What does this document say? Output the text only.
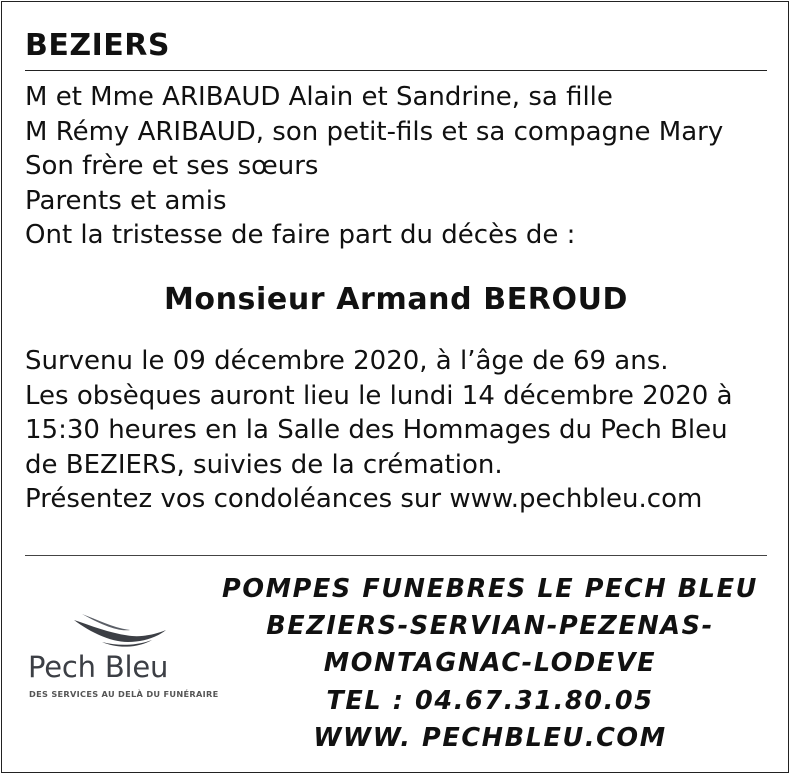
BEZIERS
M et Mme ARIBAUD Alain et Sandrine, sa fille
M Rémy ARIBAUD, son petit-fils et sa compagne Mary
Son frère et ses sœurs
Parents et amis
Ont la tristesse de faire part du décès de :
Monsieur Armand BEROUD
Survenu le 09 décembre 2020, à l’âge de 69 ans.
Les obsèques auront lieu le lundi 14 décembre 2020 à
15:30 heures en la Salle des Hommages du Pech Bleu
de BEZIERS, suivies de la crémation.
Présentez vos condoléances sur www.pechbleu.com
Pech Bleu
DES SERVICES AU DELÀ DU FUNÉRAIRE
POMPES FUNEBRES LE PECH BLEU
BEZIERS-SERVIAN-PEZENAS-
MONTAGNAC-LODEVE
TEL : 04.67.31.80.05
WWW. PECHBLEU.COM
